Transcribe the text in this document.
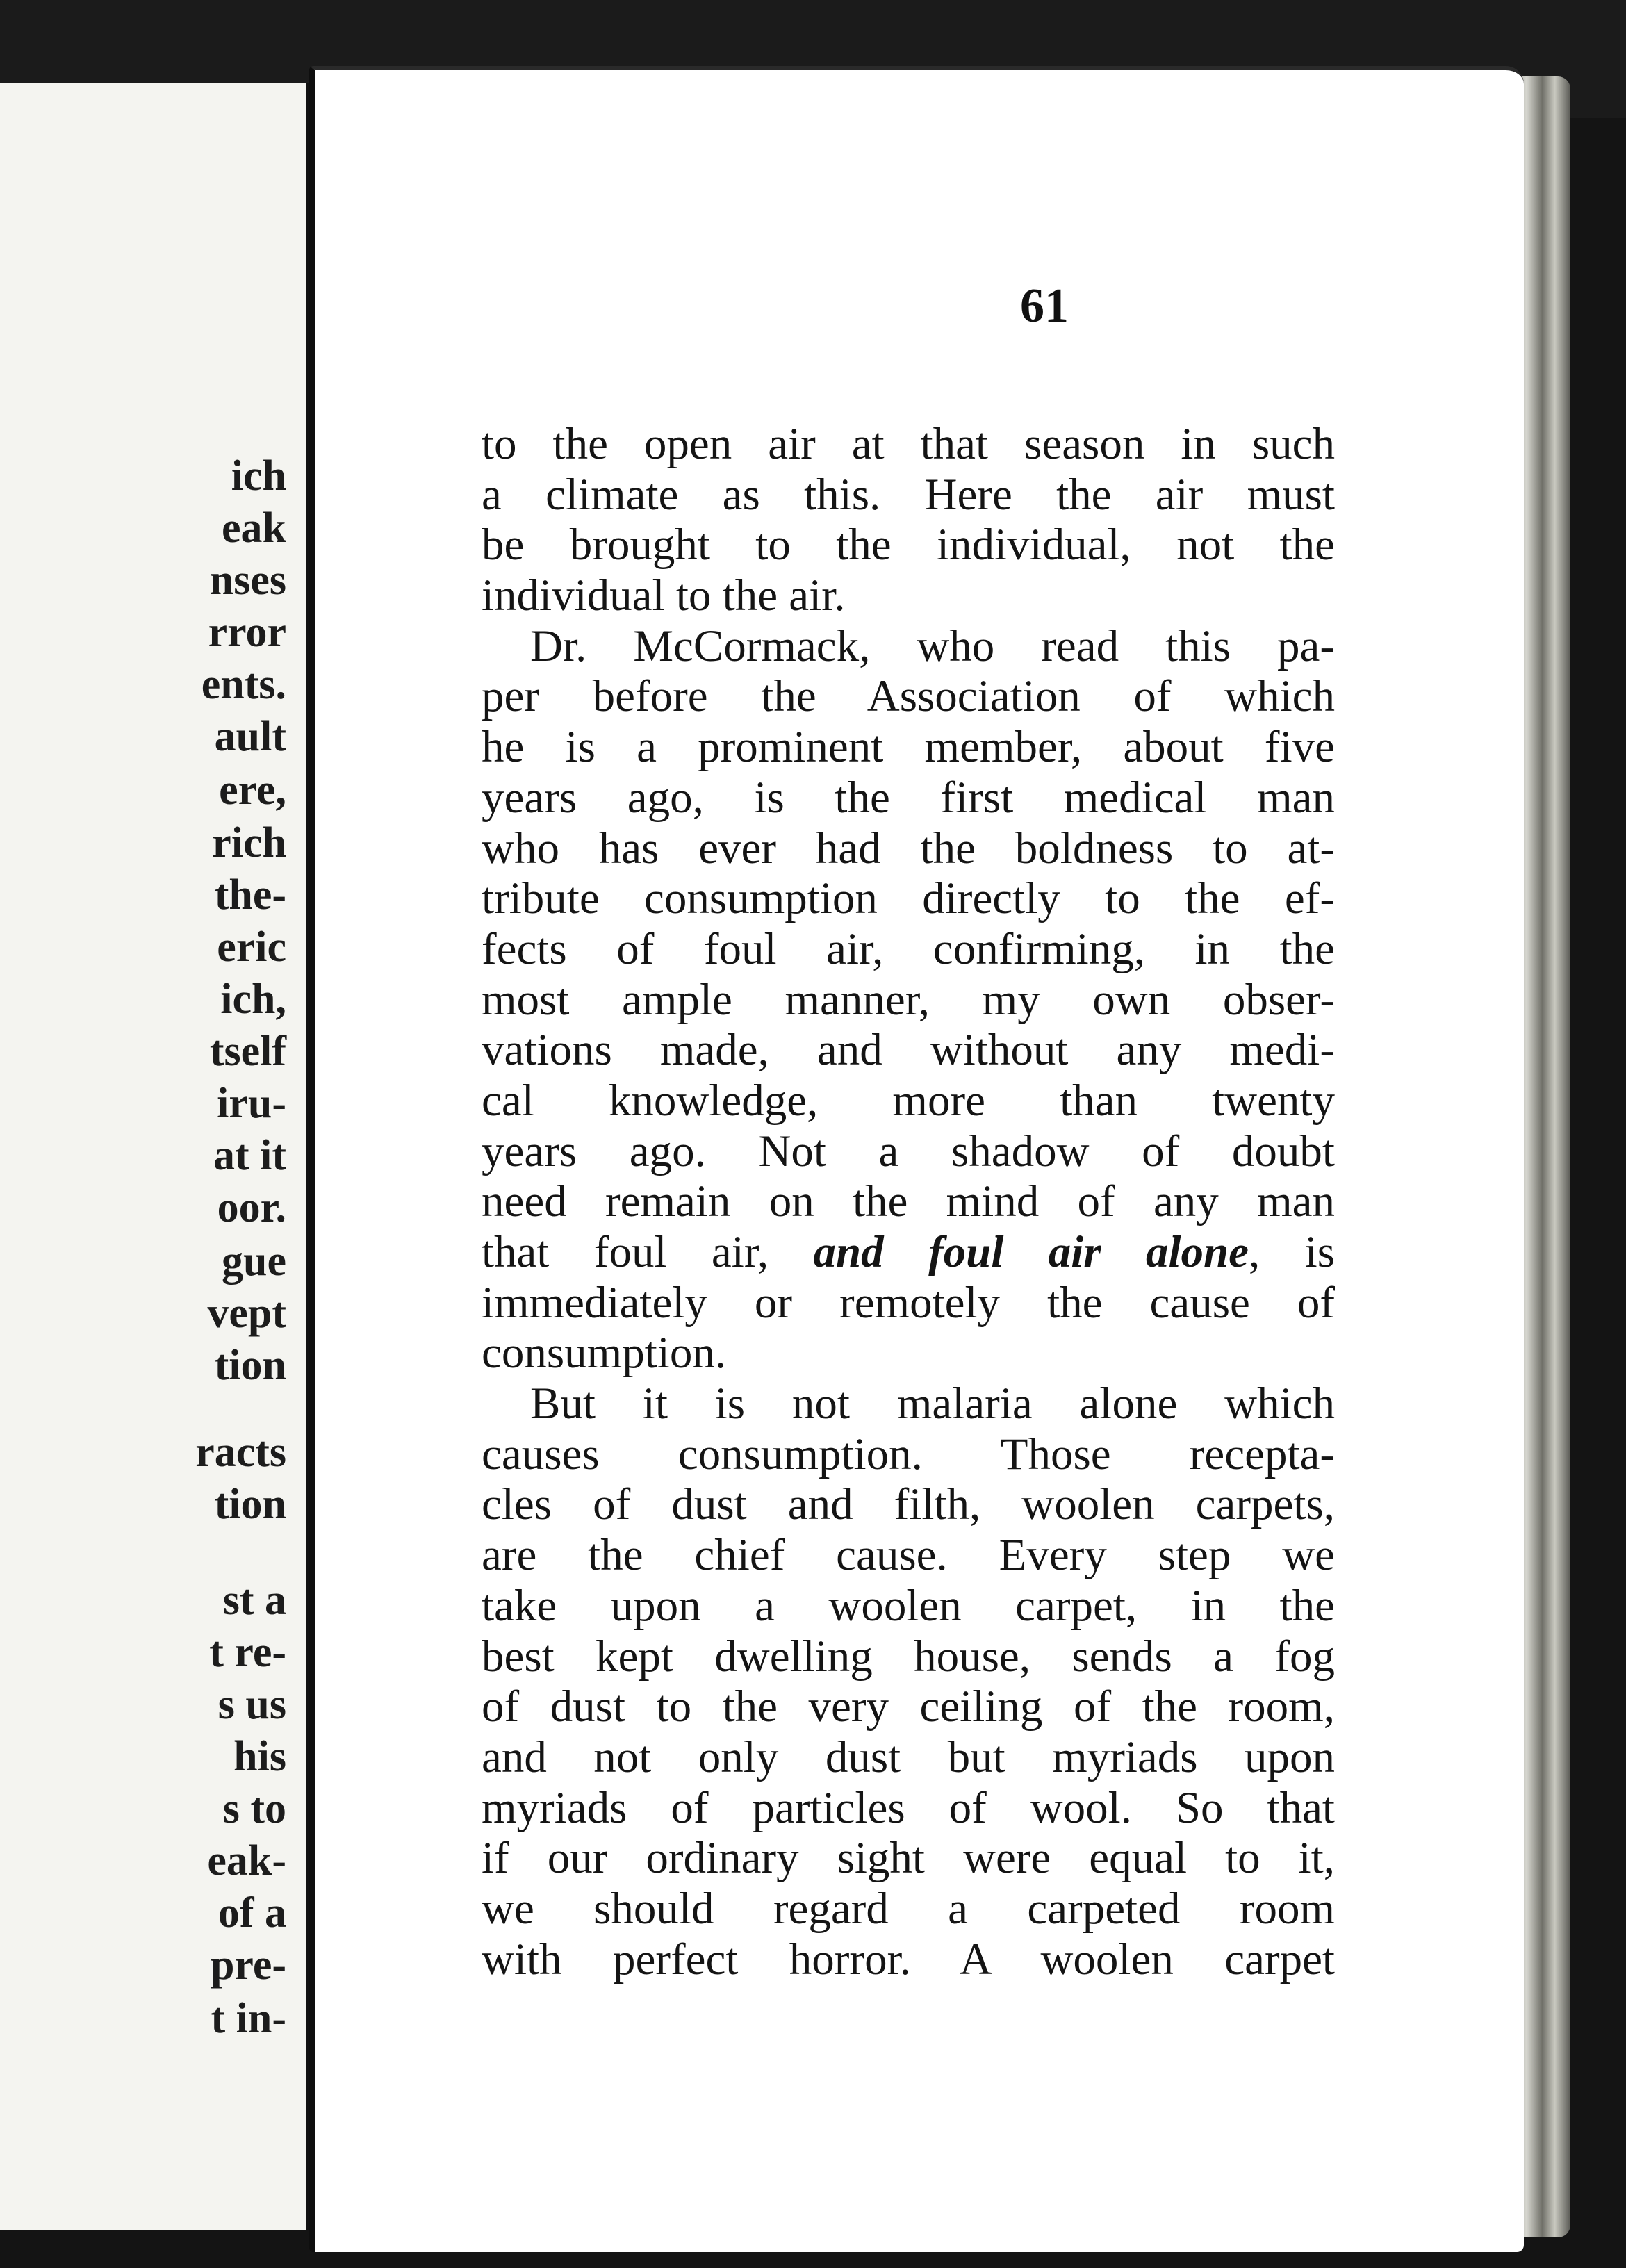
ich
eak
nses
rror
ents.
ault
ere,
rich
the-
eric
ich,
tself
iru-
at it
oor.
gue
vept
tion
racts
tion
st a
t re-
s us
his
s to
eak-
of a
pre-
t in-
61
to the open air at that season in such
a climate as this. Here the air must
be brought to the individual, not the
individual to the air.
Dr. McCormack, who read this pa-
per before the Association of which
he is a prominent member, about five
years ago, is the first medical man
who has ever had the boldness to at-
tribute consumption directly to the ef-
fects of foul air, confirming, in the
most ample manner, my own obser-
vations made, and without any medi-
cal knowledge, more than twenty
years ago. Not a shadow of doubt
need remain on the mind of any man
that foul air, and foul air alone, is
immediately or remotely the cause of
consumption.
But it is not malaria alone which
causes consumption. Those recepta-
cles of dust and filth, woolen carpets,
are the chief cause. Every step we
take upon a woolen carpet, in the
best kept dwelling house, sends a fog
of dust to the very ceiling of the room,
and not only dust but myriads upon
myriads of particles of wool. So that
if our ordinary sight were equal to it,
we should regard a carpeted room
with perfect horror. A woolen carpet
